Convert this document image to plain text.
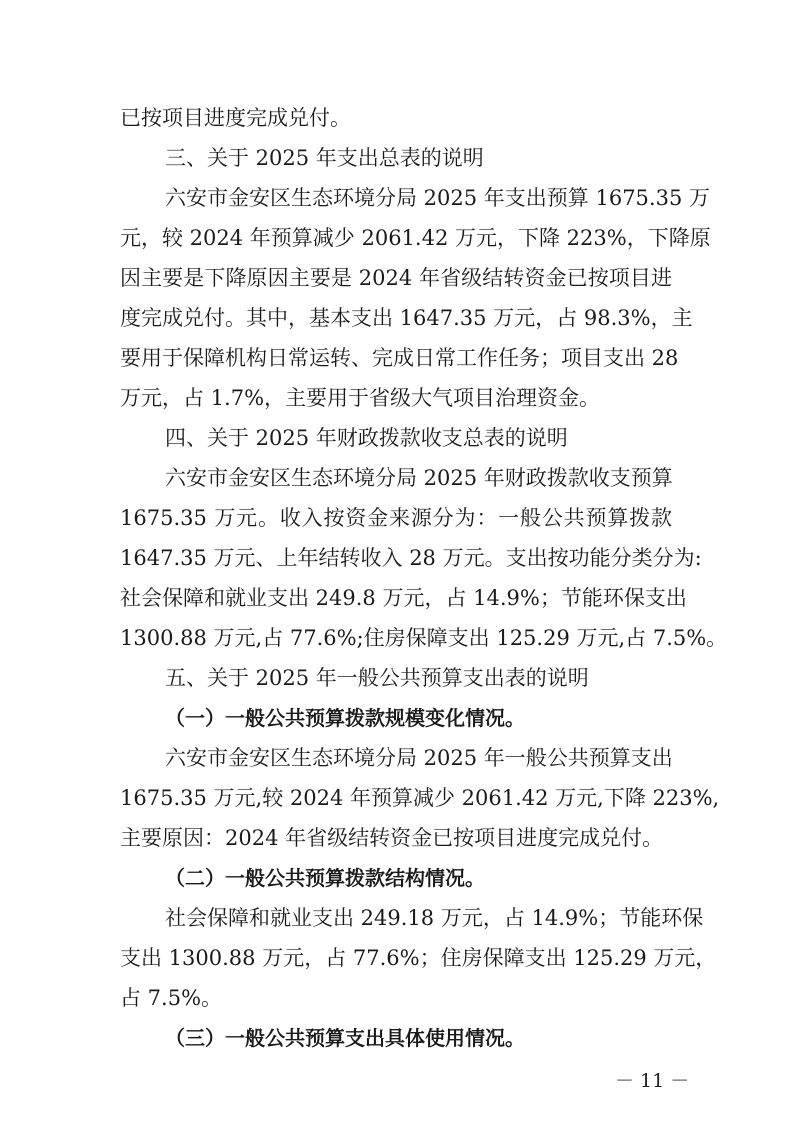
已按项目进度完成兑付。
三、关于 2025 年支出总表的说明
六安市金安区生态环境分局 2025 年支出预算 1675.35 万
元，较 2024 年预算减少 2061.42 万元，下降 223%，下降原
因主要是下降原因主要是 2024 年省级结转资金已按项目进
度完成兑付。其中，基本支出 1647.35 万元，占 98.3%，主
要用于保障机构日常运转、完成日常工作任务；项目支出 28
万元，占 1.7%，主要用于省级大气项目治理资金。
四、关于 2025 年财政拨款收支总表的说明
六安市金安区生态环境分局 2025 年财政拨款收支预算
1675.35 万元。收入按资金来源分为：一般公共预算拨款
1647.35 万元、上年结转收入 28 万元。支出按功能分类分为:
社会保障和就业支出 249.8 万元，占 14.9%；节能环保支出
1300.88 万元,占 77.6%;住房保障支出 125.29 万元,占 7.5%。
五、关于 2025 年一般公共预算支出表的说明
（一）一般公共预算拨款规模变化情况。
六安市金安区生态环境分局 2025 年一般公共预算支出
1675.35 万元,较 2024 年预算减少 2061.42 万元,下降 223%,
主要原因：2024 年省级结转资金已按项目进度完成兑付。
（二）一般公共预算拨款结构情况。
社会保障和就业支出 249.18 万元，占 14.9%；节能环保
支出 1300.88 万元，占 77.6%；住房保障支出 125.29 万元，
占 7.5%。
（三）一般公共预算支出具体使用情况。
－ 11 －
